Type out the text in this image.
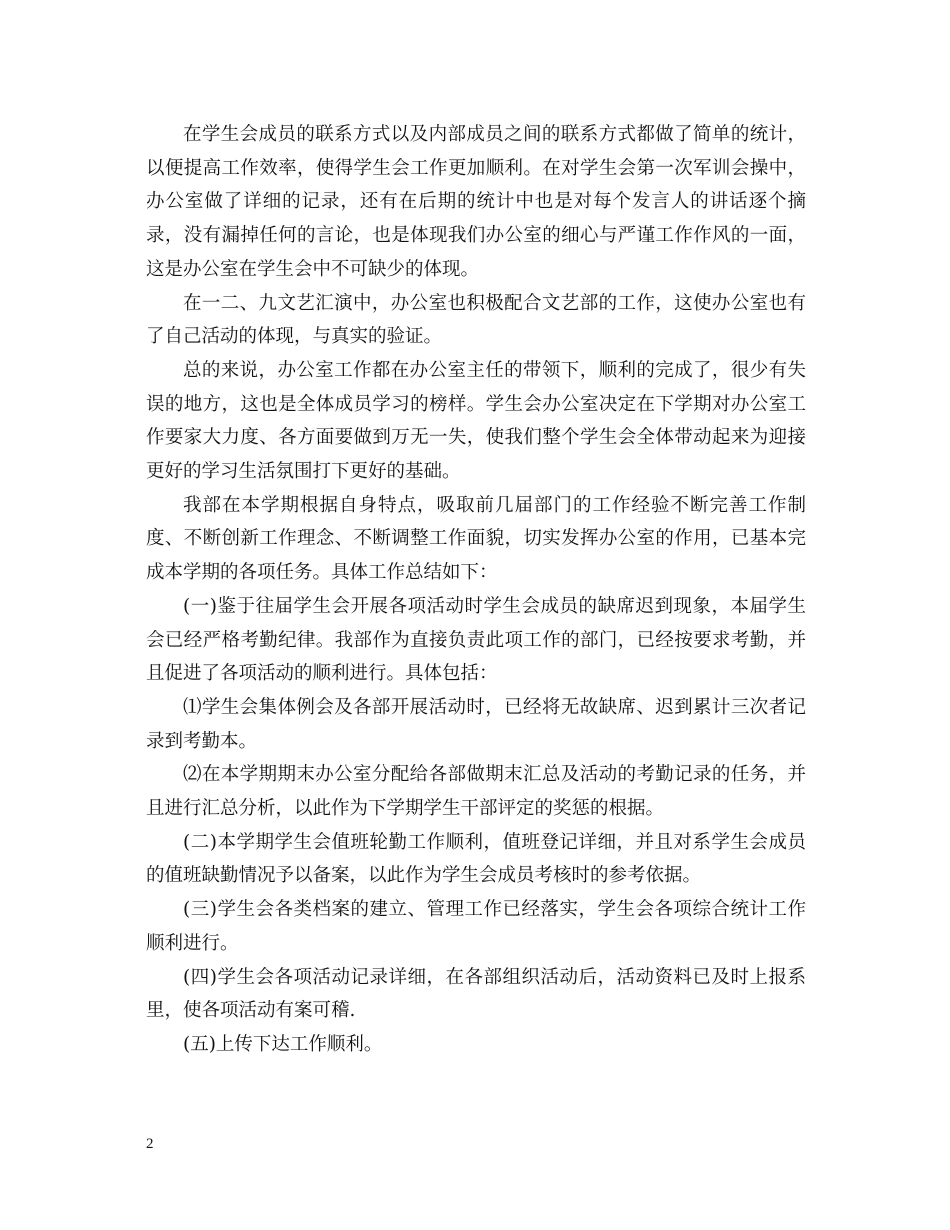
在学生会成员的联系方式以及内部成员之间的联系方式都做了简单的统计，以便提高工作效率，使得学生会工作更加顺利。在对学生会第一次军训会操中，办公室做了详细的记录，还有在后期的统计中也是对每个发言人的讲话逐个摘录，没有漏掉任何的言论，也是体现我们办公室的细心与严谨工作作风的一面，这是办公室在学生会中不可缺少的体现。

在一二、九文艺汇演中，办公室也积极配合文艺部的工作，这使办公室也有了自己活动的体现，与真实的验证。

总的来说，办公室工作都在办公室主任的带领下，顺利的完成了，很少有失误的地方，这也是全体成员学习的榜样。学生会办公室决定在下学期对办公室工作要家大力度、各方面要做到万无一失，使我们整个学生会全体带动起来为迎接更好的学习生活氛围打下更好的基础。

我部在本学期根据自身特点，吸取前几届部门的工作经验不断完善工作制度、不断创新工作理念、不断调整工作面貌，切实发挥办公室的作用，已基本完成本学期的各项任务。具体工作总结如下：

(一)鉴于往届学生会开展各项活动时学生会成员的缺席迟到现象，本届学生会已经严格考勤纪律。我部作为直接负责此项工作的部门，已经按要求考勤，并且促进了各项活动的顺利进行。具体包括：

⑴学生会集体例会及各部开展活动时，已经将无故缺席、迟到累计三次者记录到考勤本。

⑵在本学期期末办公室分配给各部做期末汇总及活动的考勤记录的任务，并且进行汇总分析，以此作为下学期学生干部评定的奖惩的根据。

(二)本学期学生会值班轮勤工作顺利，值班登记详细，并且对系学生会成员的值班缺勤情况予以备案，以此作为学生会成员考核时的参考依据。

(三)学生会各类档案的建立、管理工作已经落实，学生会各项综合统计工作顺利进行。

(四)学生会各项活动记录详细，在各部组织活动后，活动资料已及时上报系里，使各项活动有案可稽.

(五)上传下达工作顺利。

2
